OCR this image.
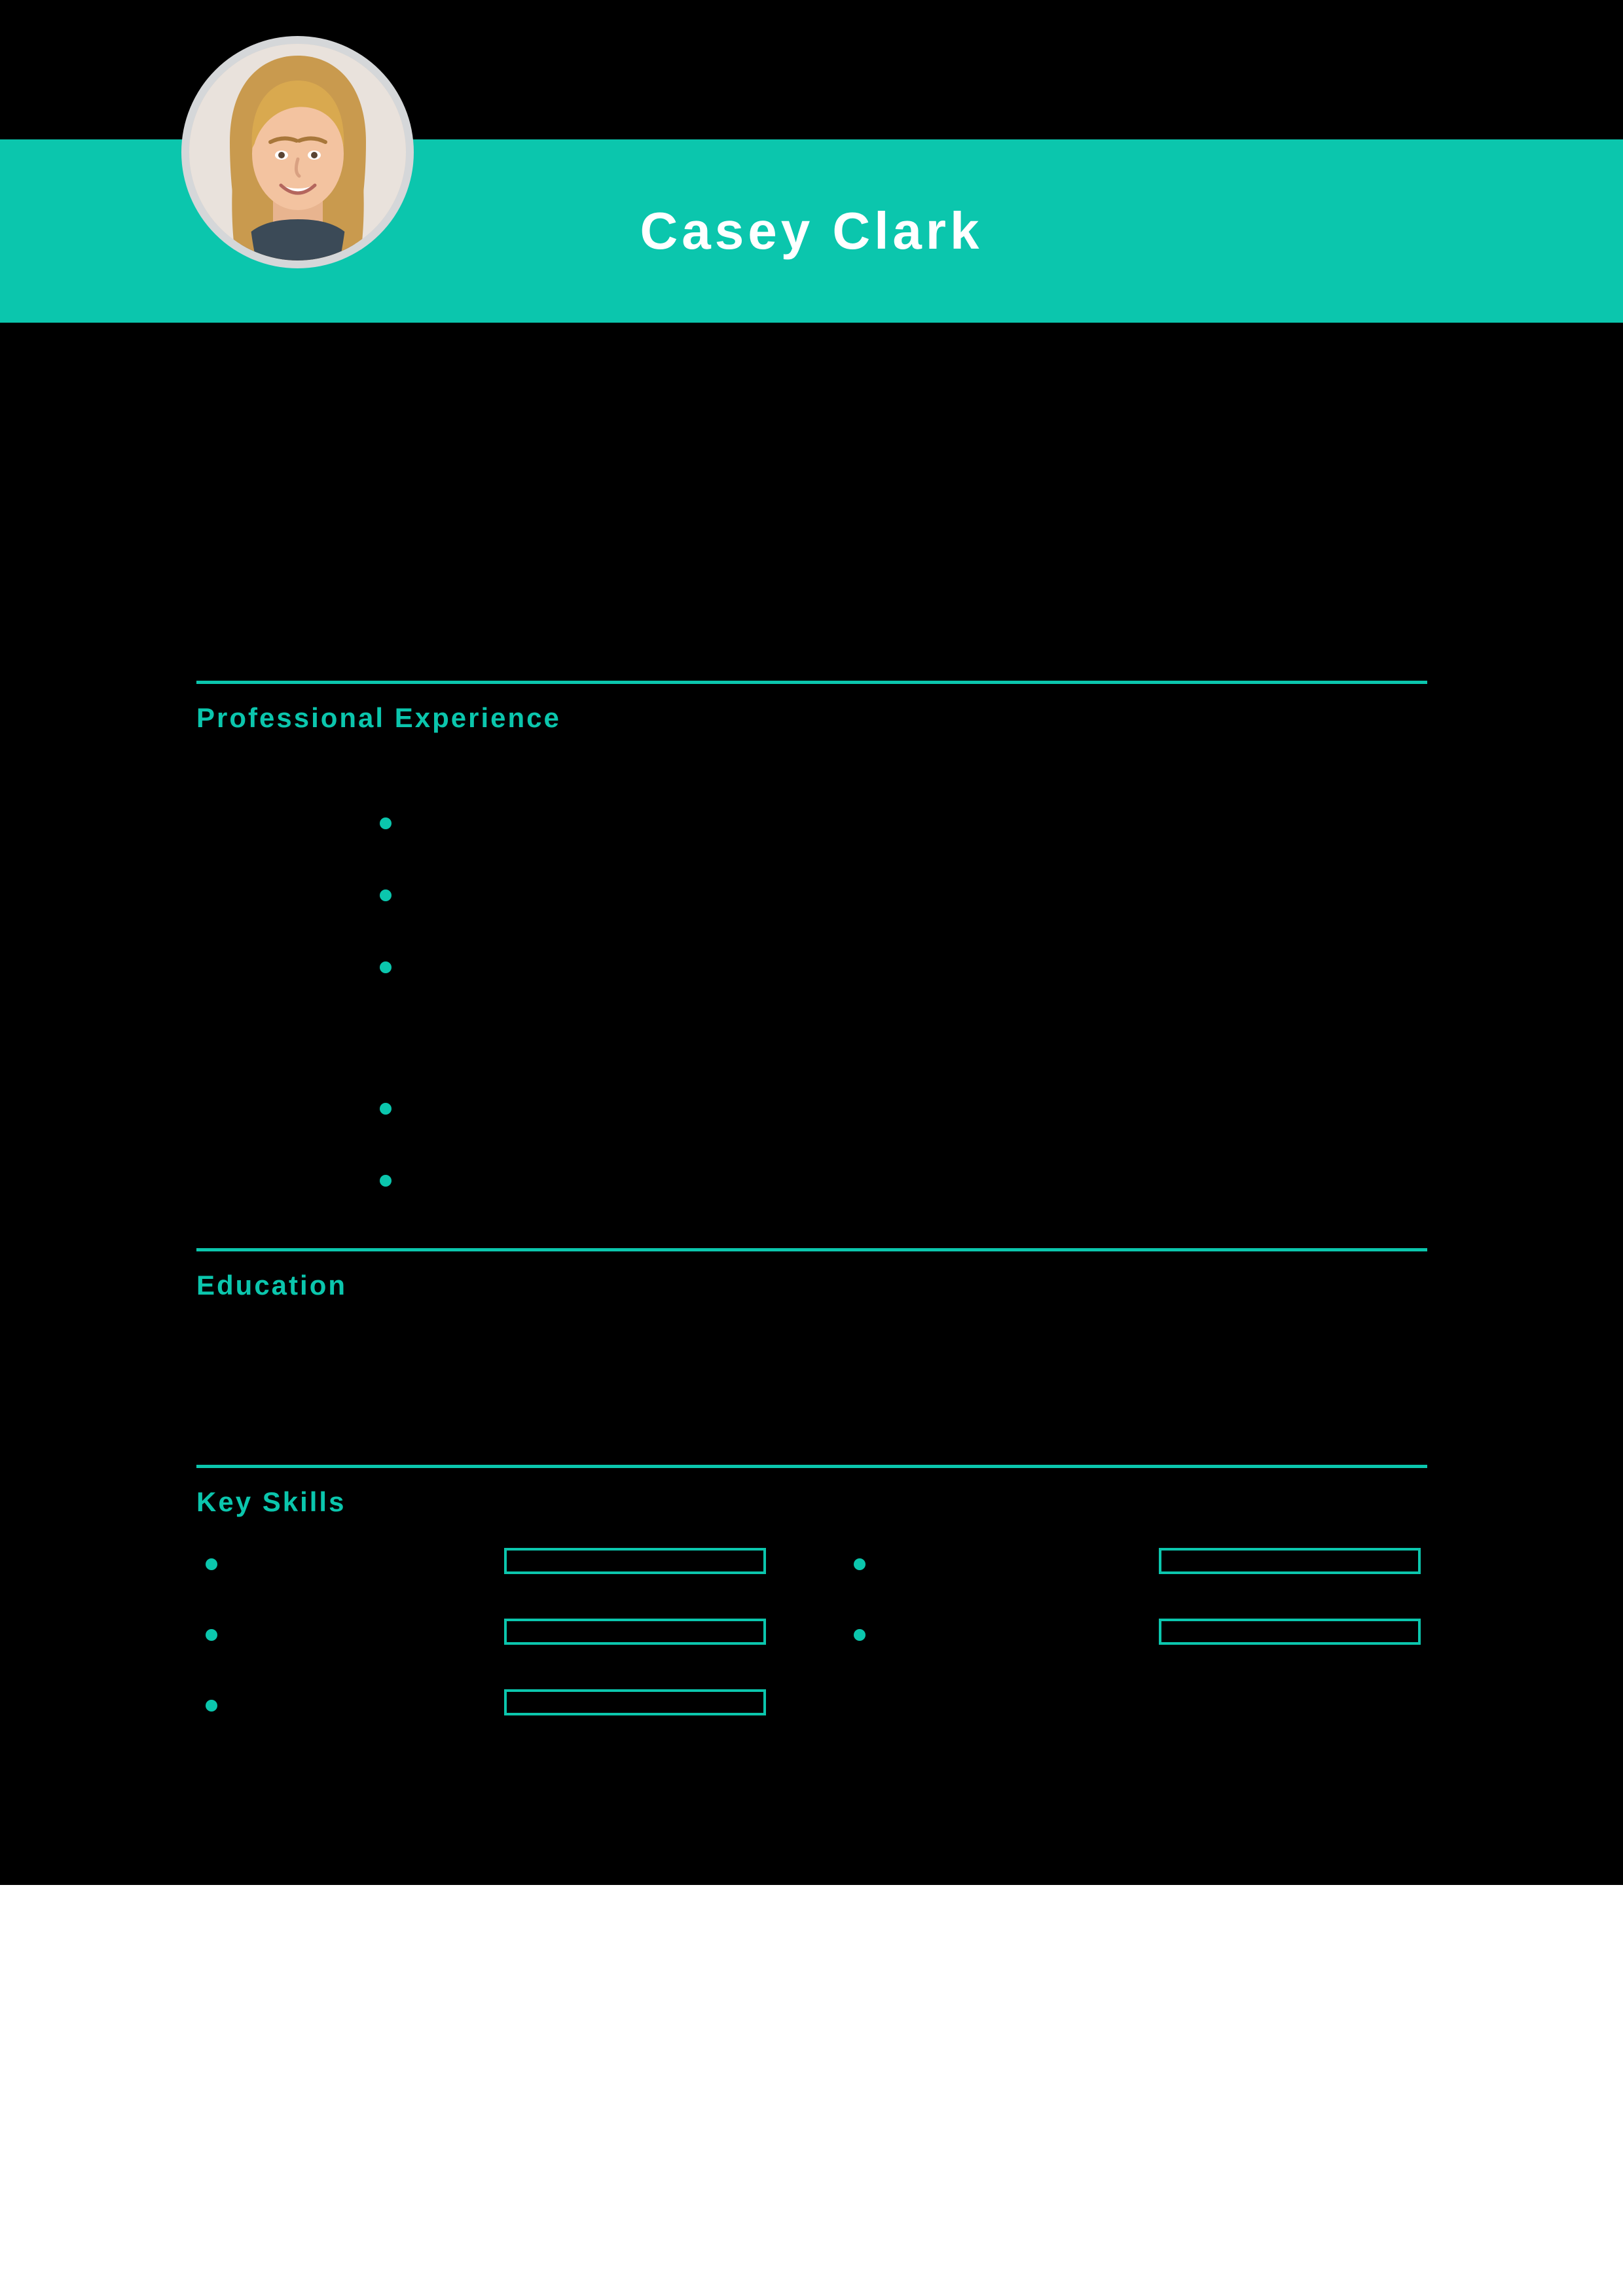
Casey Clark
Professional Experience
Education
Key Skills
